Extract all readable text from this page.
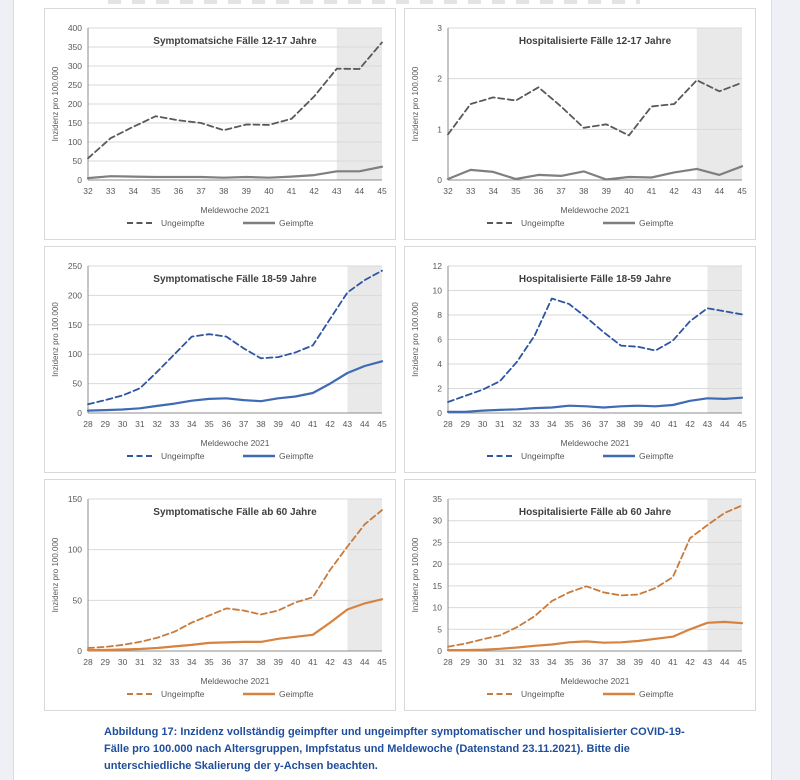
0
50
100
150
200
250
300
350
400
32 33 34 35 36 37 38 39 40 41 42 43 44 45
Symptomatsiche Fälle 12-17 Jahre
Inzidenz pro 100.000
Meldewoche 2021
Ungeimpfte	Geimpfte
0
1
2
3
32 33 34 35 36 37 38 39 40 41 42 43 44 45
Hospitalisierte Fälle 12-17 Jahre
Inzidenz pro 100.000
Meldewoche 2021
Ungeimpfte	Geimpfte
0
50
100
150
200
250
28 29 30 31 32 33 34 35 36 37 38 39 40 41 42 43 44 45
Symptomatische Fälle 18-59 Jahre
Inzidenz pro 100.000
Meldewoche 2021
Ungeimpfte	Geimpfte
0
2
4
6
8
10
12
28 29 30 31 32 33 34 35 36 37 38 39 40 41 42 43 44 45
Hospitalisierte Fälle 18-59 Jahre
Inzidenz pro 100.000
Meldewoche 2021
Ungeimpfte	Geimpfte
0
50
100
150
28 29 30 31 32 33 34 35 36 37 38 39 40 41 42 43 44 45
Symptomatische Fälle ab 60 Jahre
Inzidenz pro 100.000
Meldewoche 2021
Ungeimpfte	Geimpfte
0
5
10
15
20
25
30
35
28 29 30 31 32 33 34 35 36 37 38 39 40 41 42 43 44 45
Hospitalisierte Fälle ab 60 Jahre
Inzidenz pro 100.000
Meldewoche 2021
Ungeimpfte	Geimpfte

Abbildung 17: Inzidenz vollständig geimpfter und ungeimpfter symptomatischer und hospitalisierter COVID-19-Fälle pro 100.000 nach Altersgruppen, Impfstatus und Meldewoche (Datenstand 23.11.2021). Bitte die unterschiedliche Skalierung der y-Achsen beachten.
